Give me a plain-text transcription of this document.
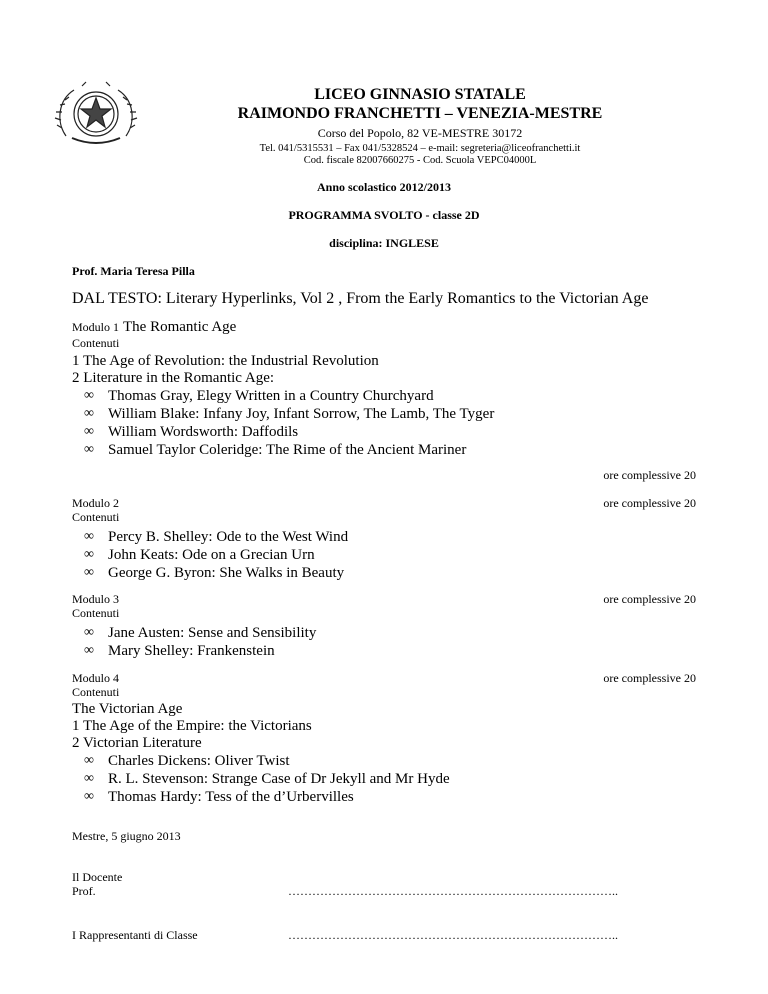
LICEO GINNASIO STATALE
RAIMONDO FRANCHETTI – VENEZIA-MESTRE
Corso del Popolo, 82 VE-MESTRE 30172
Tel. 041/5315531 – Fax 041/5328524 – e-mail: segreteria@liceofranchetti.it
Cod. fiscale 82007660275 - Cod. Scuola VEPC04000L
Anno scolastico 2012/2013
PROGRAMMA SVOLTO - classe 2D
disciplina: INGLESE
Prof. Maria Teresa Pilla
DAL TESTO: Literary Hyperlinks, Vol 2 , From the Early Romantics to the Victorian Age
Modulo 1 The Romantic Age
Contenuti
1 The Age of Revolution: the Industrial Revolution
2 Literature in the Romantic Age:
∞ Thomas Gray, Elegy Written in a Country Churchyard
∞ William Blake: Infany Joy, Infant Sorrow, The Lamb, The Tyger
∞ William Wordsworth: Daffodils
∞ Samuel Taylor Coleridge: The Rime of the Ancient Mariner
ore complessive 20
Modulo 2
Contenuti
∞ Percy B. Shelley: Ode to the West Wind
∞ John Keats: Ode on a Grecian Urn
∞ George G. Byron: She Walks in Beauty
ore complessive 20
Modulo 3
Contenuti
∞ Jane Austen: Sense and Sensibility
∞ Mary Shelley: Frankenstein
ore complessive 20
Modulo 4
Contenuti
The Victorian Age
1 The Age of the Empire: the Victorians
2 Victorian Literature
∞ Charles Dickens: Oliver Twist
∞ R. L. Stevenson: Strange Case of Dr Jekyll and Mr Hyde
∞ Thomas Hardy: Tess of the d’Urbervilles
ore complessive 20
Mestre, 5 giugno 2013
Il Docente
Prof.	………………………………………………………………………..
I Rappresentanti di Classe	………………………………………………………………………..
